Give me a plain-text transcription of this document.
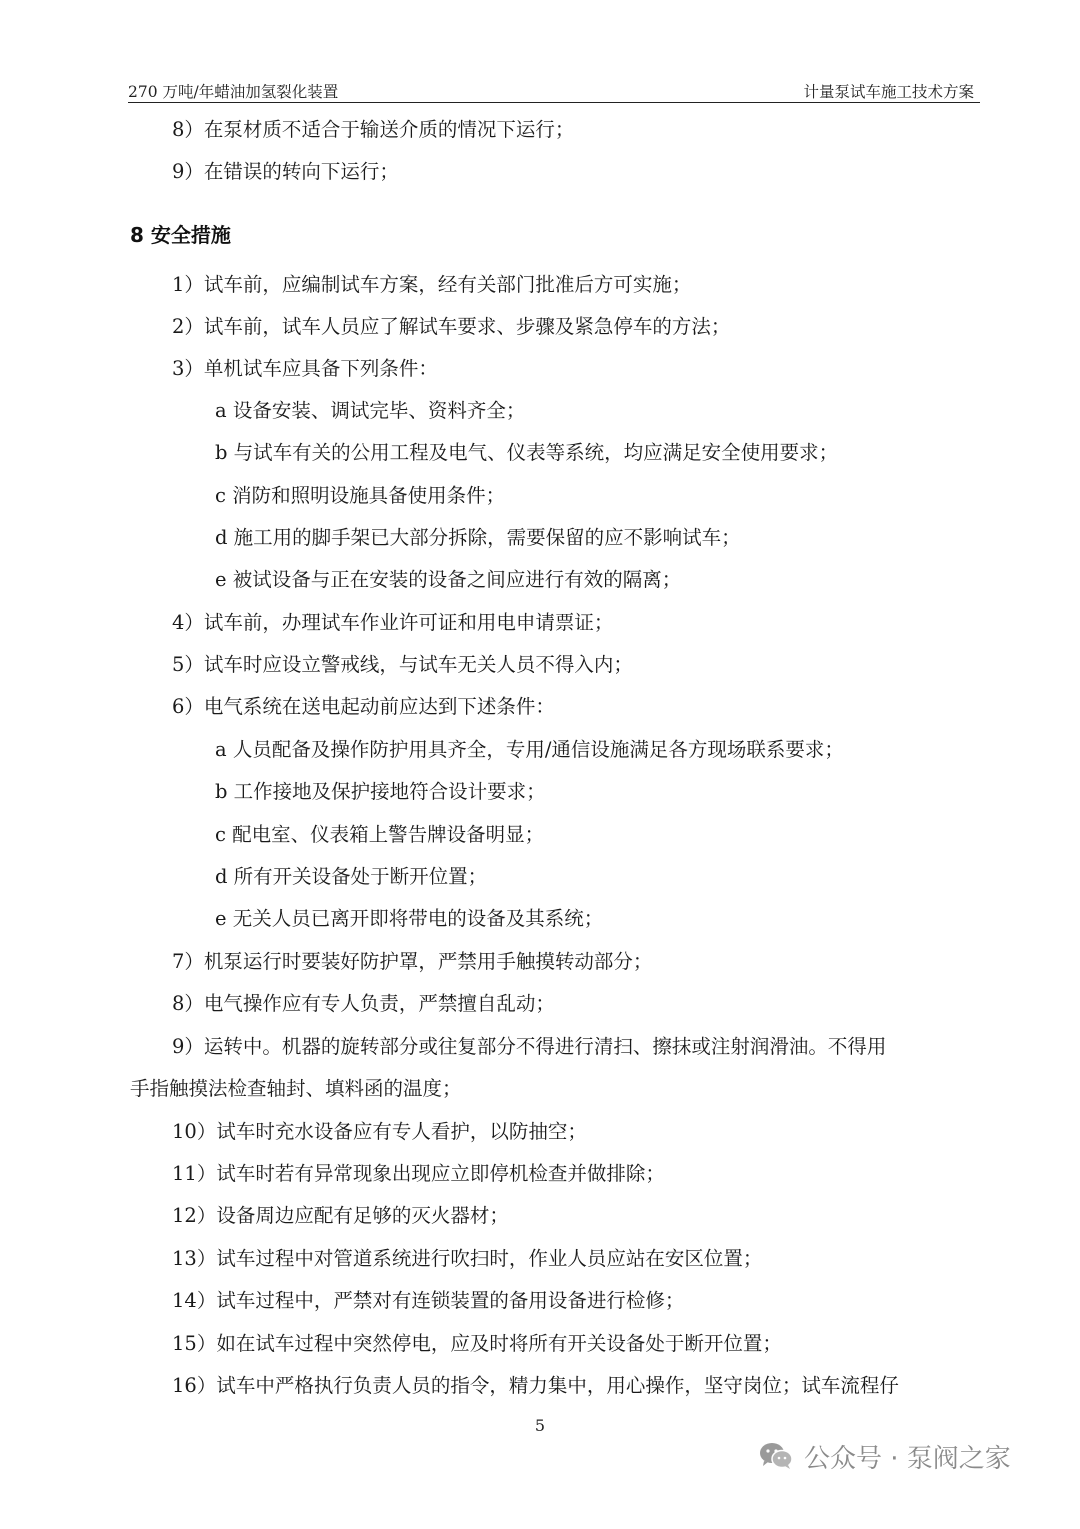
270 万吨/年蜡油加氢裂化装置	计量泵试车施工技术方案
8）在泵材质不适合于输送介质的情况下运行；
9）在错误的转向下运行；
8 安全措施
1）试车前，应编制试车方案，经有关部门批准后方可实施；
2）试车前，试车人员应了解试车要求、步骤及紧急停车的方法；
3）单机试车应具备下列条件：
a 设备安装、调试完毕、资料齐全；
b 与试车有关的公用工程及电气、仪表等系统，均应满足安全使用要求；
c 消防和照明设施具备使用条件；
d 施工用的脚手架已大部分拆除，需要保留的应不影响试车；
e 被试设备与正在安装的设备之间应进行有效的隔离；
4）试车前，办理试车作业许可证和用电申请票证；
5）试车时应设立警戒线，与试车无关人员不得入内；
6）电气系统在送电起动前应达到下述条件：
a 人员配备及操作防护用具齐全，专用/通信设施满足各方现场联系要求；
b 工作接地及保护接地符合设计要求；
c 配电室、仪表箱上警告牌设备明显；
d 所有开关设备处于断开位置；
e 无关人员已离开即将带电的设备及其系统；
7）机泵运行时要装好防护罩，严禁用手触摸转动部分；
8）电气操作应有专人负责，严禁擅自乱动；
9）运转中。机器的旋转部分或往复部分不得进行清扫、擦抹或注射润滑油。不得用
手指触摸法检查轴封、填料函的温度；
10）试车时充水设备应有专人看护，以防抽空；
11）试车时若有异常现象出现应立即停机检查并做排除；
12）设备周边应配有足够的灭火器材；
13）试车过程中对管道系统进行吹扫时，作业人员应站在安区位置；
14）试车过程中，严禁对有连锁装置的备用设备进行检修；
15）如在试车过程中突然停电，应及时将所有开关设备处于断开位置；
16）试车中严格执行负责人员的指令，精力集中，用心操作，坚守岗位；试车流程仔
5
公众号 · 泵阀之家
